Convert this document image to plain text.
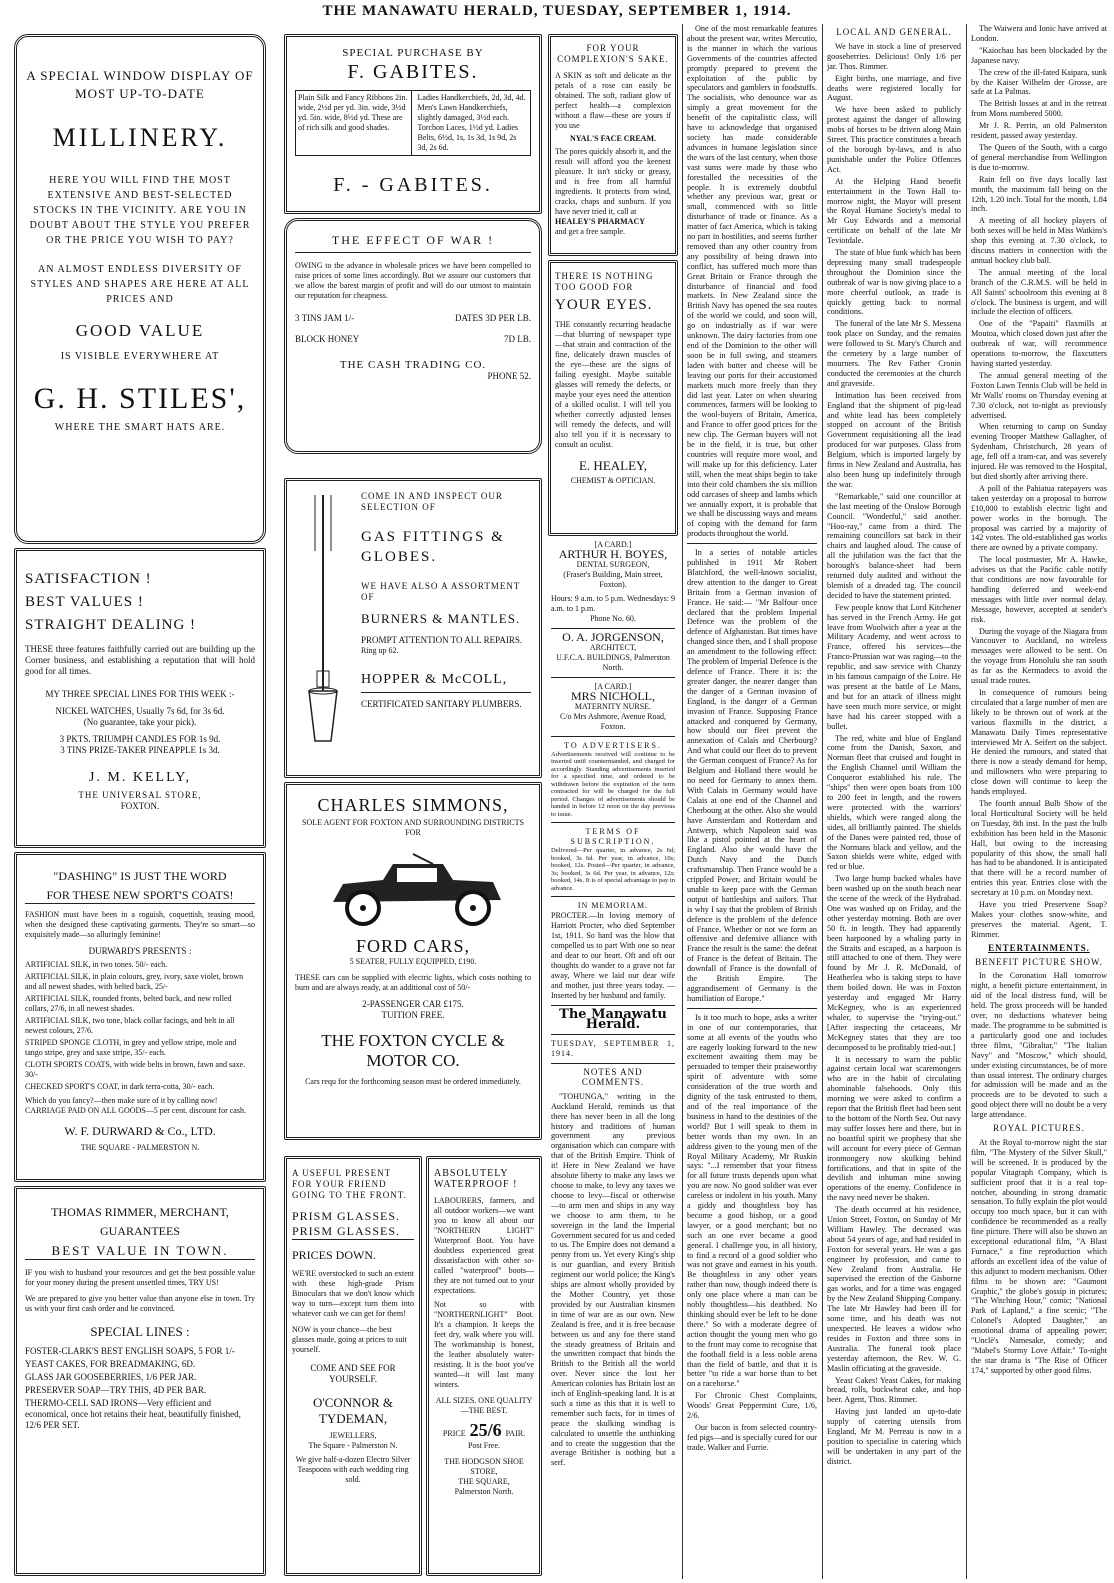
THE MANAWATU HERALD, TUESDAY, SEPTEMBER 1, 1914.
A SPECIAL WINDOW DISPLAY OF MOST UP-TO-DATE
MILLINERY.
HERE YOU WILL FIND THE MOST EXTENSIVE AND BEST-SELECTED STOCKS IN THE VICINITY. ARE YOU IN DOUBT ABOUT THE STYLE YOU PREFER OR THE PRICE YOU WISH TO PAY?
AN ALMOST ENDLESS DIVERSITY OF STYLES AND SHAPES ARE HERE AT ALL PRICES AND
GOOD VALUE
IS VISIBLE EVERYWHERE AT
G. H. STILES',
WHERE THE SMART HATS ARE.
SATISFACTION !
BEST VALUES !
STRAIGHT DEALING !
THESE three features faithfully carried out are building up the Corner business, and establishing a reputation that will hold good for all times.
MY THREE SPECIAL LINES FOR THIS WEEK :-
NICKEL WATCHES, Usually 7s 6d, for 3s 6d.
(No guarantee, take your pick).
3 PKTS. TRIUMPH CANDLES FOR 1s 9d.
3 TINS PRIZE-TAKER PINEAPPLE 1s 3d.
J. M. KELLY,
THE UNIVERSAL STORE,
FOXTON.
"DASHING" IS JUST THE WORD
FOR THESE NEW SPORT'S COATS!
FASHION must have been in a roguish, coquettish, teasing mood, when she designed these captivating garments. They're so smart—so exquisitely made—so alluringly feminine!
DURWARD'S PRESENTS :
ARTIFICIAL SILK, in two tones. 50/- each.
ARTIFICIAL SILK, in plain colours, grey, ivory, saxe violet, brown and all newest shades, with belted back, 25/-
ARTIFICIAL SILK, rounded fronts, belted back, and new rolled collars, 27/6, in all newest shades.
ARTIFICIAL SILK, two tone, black collar facings, and belt in all newest colours, 27/6.
STRIPED SPONGE CLOTH, in grey and yellow stripe, mole and tango stripe, grey and saxe stripe, 35/- each.
CLOTH SPORTS COATS, with wide belts in brown, fawn and saxe. 30/-
CHECKED SPORT'S COAT, in dark terra-cotta, 30/- each.
Which do you fancy?—then make sure of it by calling now! CARRIAGE PAID ON ALL GOODS—5 per cent. discount for cash.
W. F. DURWARD & Co., LTD.
THE SQUARE - PALMERSTON N.
THOMAS RIMMER, MERCHANT,
GUARANTEES
BEST VALUE IN TOWN.
IF you wish to husband your resources and get the best possible value for your money during the present unsettled times, TRY US!
We are prepared to give you better value than anyone else in town. Try us with your first cash order and be convinced.
SPECIAL LINES :
FOSTER-CLARK'S BEST ENGLISH SOAPS, 5 FOR 1/-
YEAST CAKES, FOR BREADMAKING, 6D.
GLASS JAR GOOSEBERRIES, 1/6 PER JAR.
PRESERVER SOAP—TRY THIS, 4D PER BAR.
THERMO-CELL SAD IRONS—Very efficient and economical, once hot retains their heat, beautifully finished, 12/6 PER SET.
SPECIAL PURCHASE BY
F. GABITES.
Plain Silk and Fancy Ribbons 2in. wide, 2½d per yd. 3in. wide, 3½d yd. 5in. wide, 8½d yd. These are of rich silk and good shades.
Ladies Handkerchiefs, 2d, 3d, 4d. Men's Lawn Handkerchiefs, slightly damaged, 3½d each. Torchon Laces, 1½d yd. Ladies Belts, 6½d, 1s, 1s 3d, 1s 9d, 2s 3d, 2s 6d.
F. - GABITES.
THE EFFECT OF WAR !
OWING to the advance in wholesale prices we have been compelled to raise prices of some lines accordingly. But we assure our customers that we allow the barest margin of profit and will do our utmost to maintain our reputation for cheapness.
3 TINS JAM 1/-	DATES 3D PER LB.
BLOCK HONEY	7D LB.
THE CASH TRADING CO.
PHONE 52.
COME IN AND INSPECT OUR SELECTION OF
GAS FITTINGS & GLOBES.
WE HAVE ALSO A ASSORTMENT OF
BURNERS & MANTLES.
PROMPT ATTENTION TO ALL REPAIRS.
Ring up 62.
HOPPER & McCOLL,
CERTIFICATED SANITARY PLUMBERS.
CHARLES SIMMONS,
SOLE AGENT FOR FOXTON AND SURROUNDING DISTRICTS FOR
FORD CARS,
5 SEATER, FULLY EQUIPPED, £190.
THESE cars can be supplied with electric lights, which costs nothing to burn and are always ready, at an additional cost of 50/-
2-PASSENGER CAR £175.
TUITION FREE.
THE FOXTON CYCLE & MOTOR CO.
Cars requ for the forthcoming season must be ordered immediately.
A USEFUL PRESENT FOR YOUR FRIEND GOING TO THE FRONT.
PRISM GLASSES.
PRISM GLASSES.
PRICES DOWN.
WE'RE overstocked to such an extent with these high-grade Prism Binoculars that we don't know which way to turn—except turn them into whatever cash we can get for them!
NOW is your chance—the best glasses made, going at prices to suit yourself.
COME AND SEE FOR YOURSELF.
O'CONNOR & TYDEMAN,
JEWELLERS,
The Square - Palmerston N.
We give half-a-dozen Electro Silver Teaspoons with each wedding ring sold.
ABSOLUTELY WATERPROOF !
LABOURERS, farmers, and all outdoor workers—we want you to know all about our "NORTHERN LIGHT" Waterproof Boot. You have doubtless experienced great dissatisfaction with other so-called "waterproof" boots—they are not turned out to your expectations.
Not so with "NORTHERNLIGHT" Boot. It's a champion. It keeps the feet dry, walk where you will. The workmanship is honest, the leather absolutely water-resisting. It is the boot you've wanted—it will last many winters.
ALL SIZES. ONE QUALITY—THE BEST.
PRICE 25/6 PAIR.
Post Free.
THE HODGSON SHOE STORE,
THE SQUARE,
Palmerston North.
FOR YOUR COMPLEXION'S SAKE.
A SKIN as soft and delicate as the petals of a rose can easily be obtained. The soft, radiant glow of perfect health—a complexion without a flaw—these are yours if you use
NYAL'S FACE CREAM.
The pores quickly absorb it, and the result will afford you the keenest pleasure. It isn't sticky or greasy, and is free from all harmful ingredients. It protects from wind, cracks, chaps and sunburn. If you have never tried it, call at
HEALEY'S PHARMACY
and get a free sample.
THERE IS NOTHING TOO GOOD FOR
YOUR EYES.
THE constantly recurring headache—that blurring of newspaper type—that strain and contraction of the fine, delicately drawn muscles of the eye—these are the signs of failing eyesight. Maybe suitable glasses will remedy the defects, or maybe your eyes need the attention of a skilled oculist. I will tell you whether correctly adjusted lenses will remedy the defects, and will also tell you if it is necessary to consult an oculist.
E. HEALEY,
CHEMIST & OPTICIAN.
[A CARD.]
ARTHUR H. BOYES,
DENTAL SURGEON,
(Fraser's Building, Main street, Foxton).
Hours: 9 a.m. to 5 p.m. Wednesdays: 9 a.m. to 1 p.m.
Phone No. 60.
O. A. JORGENSON,
ARCHITECT,
U.F.C.A. BUILDINGS, Palmerston North.
[A CARD.]
MRS NICHOLL,
MATERNITY NURSE.
C/o Mrs Ashmore, Avenue Road, Foxton.
TO ADVERTISERS.
Advertisements received will continue to be inserted until countermanded, and charged for accordingly. Standing advertisements inserted for a specified time, and ordered to be withdrawn before the expiration of the term contracted for will be charged for the full period. Changes of advertisements should be handed in before 12 noon on the day previous to issue.
TERMS OF SUBSCRIPTION.
Delivered—Per quarter, in advance, 2s 6d; booked, 3s 6d. Per year, in advance, 10s; booked, 12s. Posted—Per quarter, in advance, 3s; booked, 3s 6d. Per year, in advance, 12s; booked, 14s. It is of special advantage to pay in advance.
IN MEMORIAM.
PROCTER.—In loving memory of Harriott Procter, who died September 1st, 1911. So hard was the blow that compelled us to part With one so near and dear to our heart. Oft and oft our thoughts do wander to a grave not far away, Where we laid our dear wife and mother, just three years today. —Inserted by her husband and family.
The Manawatu Herald.
TUESDAY, SEPTEMBER 1, 1914.
NOTES AND COMMENTS.

"TOHUNGA," writing in the Auckland Herald, reminds us that there has never been in all the long history and traditions of human government any previous organisation which can compare with that of the British Empire. Think of it! Here in New Zealand we have absolute liberty to make any laws we choose to make, to levy any taxes we choose to levy—fiscal or otherwise—to arm men and ships in any way we choose to arm them, to be sovereign in the land the Imperial Government secured for us and ceded to us. The Empire does not demand a penny from us. Yet every King's ship is our guardian, and every British regiment our world police; the King's ships are almost wholly provided by the Mother Country, yet those provided by our Australian kinsmen in time of war are as our own. New Zealand is free, and it is free because between us and any foe there stand the steady greatness of Britain and the unwritten compact that binds the British to the British all the world over. Never since the lost her American colonies has Britain lost an inch of English-speaking land. It is at such a time as this that it is well to remember such facts, for in times of peace the skulking windbag is calculated to unsettle the unthinking and to create the suggestion that the average Britisher is nothing but a serf.

One of the most remarkable features about the present war, writes Mercutio, is the manner in which the various Governments of the countries affected promptly prepared to prevent the exploitation of the public by speculators and gamblers in foodstuffs. The socialists, who denounce war as simply a great movement for the benefit of the capitalistic class, will have to acknowledge that organised society has made considerable advances in humane legislation since the wars of the last century, when those vast sums were made by those who forestalled the necessities of the people. It is extremely doubtful whether any previous war, great or small, commenced with so little disturbance of trade or finance. As a matter of fact America, which is taking no part in hostilities, and seems further removed than any other country from any possibility of being drawn into conflict, has suffered much more than Great Britain or France through the disturbance of financial and food markets. In New Zealand since the British Navy has opened the sea routes of the world we could, and soon will, go on industrially as if war were unknown. The dairy factories from one end of the Dominion to the other will soon be in full swing, and steamers laden with butter and cheese will be leaving our ports for their accustomed markets much more freely than they did last year. Later on when shearing commences, farmers will be looking to the wool-buyers of Britain, America, and France to offer good prices for the new clip. The German buyers will not be in the field, it is true, but other countries will require more wool, and will make up for this deficiency. Later still, when the meat ships begin to take into their cold chambers the six million odd carcases of sheep and lambs which we annually export, it is probable that we shall be discussing ways and means of coping with the demand for farm products throughout the world.

In a series of notable articles published in 1911 Mr Robert Blatchford, the well-known socialist, drew attention to the danger to Great Britain from a German invasion of France. He said:— "Mr Balfour once declared that the problem Imperial Defence was the problem of the defence of Afghanistan. But times have changed since then, and I shall propose an amendment to the following effect: The problem of Imperial Defence is the defence of France. There it is: the greater danger, the nearer danger than the danger of a German invasion of England, is the danger of a German invasion of France. Supposing France attacked and conquered by Germany, how should our fleet prevent the annexation of Calais and Cherbourg? And what could our fleet do to prevent the German conquest of France? As for Belgium and Holland there would be no need for Germany to annex them. With Calais in Germany would have Calais at one end of the Channel and Cherbourg at the other. Also she would have Amsterdam and Rotterdam and Antwerp, which Napoleon said was like a pistol pointed at the heart of England. Also she would have the Dutch Navy and the Dutch craftsmanship. Then France would be a crippled Power, and Britain would be unable to keep pace with the German output of battleships and sailors. That is why I say that the problem of British defence is the problem of the defence of France. Whether or not we form an offensive and defensive alliance with France the result is the same: the defeat of France is the defeat of Britain. The downfall of France is the downfall of the British Empire. The aggrandisement of Germany is the humiliation of Europe."

Is it too much to hope, asks a writer in one of our contemporaries, that some at all events of the youths who are eagerly looking forward to the new excitement awaiting them may be persuaded to temper their praiseworthy spirit of adventure with some consideration of the true worth and dignity of the task entrusted to them, and of the real importance of the business in hand to the destinies of the world? But I will speak to them in better words than my own. In an address given to the young men of the Royal Military Academy, Mr Ruskin says: "...I remember that your fitness for all future trusts depends upon what you are now. No good soldier was ever careless or indolent in his youth. Many a giddy and thoughtless boy has become a good bishop, or a good lawyer, or a good merchant; but no such an one ever became a good general. I challenge you, in all history, to find a record of a good soldier who was not grave and earnest in his youth. Be thoughtless in any other years rather than now, though indeed there is only one place where a man can be nobly thoughtless—his deathbed. No thinking should ever be left to be done there." So with a moderate degree of action thought the young men who go to the front may come to recognise that the football field is a less noble arena than the field of battle, and that it is better "to ride a war horse than to bet on a racehorse."

For Chronic Chest Complaints, Woods' Great Peppermint Cure, 1/6, 2/6.

Our bacon is from selected country-fed pigs—and is specially cured for our trade. Walker and Furrie.

LOCAL AND GENERAL.

We have in stock a line of preserved gooseberries. Delicious! Only 1/6 per jar. Thos. Rimmer.

Eight births, one marriage, and five deaths were registered locally for August.

We have been asked to publicly protest against the danger of allowing mobs of horses to be driven along Main Street. This practice constitutes a breach of the borough by-laws, and is also punishable under the Police Offences Act.

At the Helping Hand benefit entertainment in the Town Hall to-morrow night, the Mayor will present the Royal Humane Society's medal to Mr Guy Edwards and a memorial certificate on behalf of the late Mr Teviotdale.

The state of blue funk which has been depressing many small tradespeople throughout the Dominion since the outbreak of war is now giving place to a more cheerful outlook, as trade is quickly getting back to normal conditions.

The funeral of the late Mr S. Messena took place on Sunday, and the remains were followed to St. Mary's Church and the cemetery by a large number of mourners. The Rev Father Cronin conducted the ceremonies at the church and graveside.

Intimation has been received from England that the shipment of pig-lead and white lead has been completely stopped on account of the British Government requisitioning all the lead produced for war purposes. Glass from Belgium, which is imported largely by firms in New Zealand and Australia, has also been hung up indefinitely through the war.

"Remarkable," said one councillor at the last meeting of the Onslow Borough Council. "Wonderful," said another. "Hoo-ray," came from a third. The remaining councillors sat back in their chairs and laughed aloud. The cause of all the jubilation was the fact that the borough's balance-sheet had been returned duly audited and without the blemish of a dreaded tag. The council decided to have the statement printed.

Few people know that Lord Kitchener has served in the French Army. He got leave from Woolwich after a year at the Military Academy, and went across to France, offered his services—the Franco-Prussian war was raging—to the republic, and saw service with Chanzy in his famous campaign of the Loire. He was present at the battle of Le Mans, and but for an attack of illness might have seen much more service, or might have had his career stopped with a bullet.

The red, white and blue of England come from the Danish, Saxon, and Norman fleet that cruised and fought in the English Channel until William the Conqueror established his rule. The "ships" then were open boats from 100 to 200 feet in length, and the rowers were protected with the warriors' shields, which were ranged along the sides, all brilliantly painted. The shields of the Danes were painted red, those of the Normans black and yellow, and the Saxon shields were white, edged with red or blue.

Two large hump backed whales have been washed up on the south beach near the scene of the wreck of the Hydrabad. One was washed up on Friday, and the other yesterday morning. Both are over 50 ft. in length. They had apparently been harpooned by a whaling party in the Straits and escaped, as a harpoon is still attached to one of them. They were found by Mr J. R. McDonald, of Heatherlea who is taking steps to have them boiled down. He was in Foxton yesterday and engaged Mr Harry McKegney, who is an experienced whaler, to supervise the "trying-out." [After inspecting the cetaceans, Mr McKegney states that they are too decomposed to be profitably tried-out.]

It is necessary to warn the public against certain local war scaremongers who are in the habit of circulating abominable falsehoods. Only this morning we were asked to confirm a report that the British fleet had been sent to the bottom of the North Sea. Out navy may suffer losses here and there, but in no boastful spirit we prophesy that she will account for every piece of German ironmongery now skulking behind fortifications, and that in spite of the devilish and inhuman mine sowing operations of the enemy. Confidence in the navy need never be shaken.

The death occurred at his residence, Union Street, Foxton, on Sunday of Mr William Hawley. The deceased was about 54 years of age, and had resided in Foxton for several years. He was a gas engineer by profession, and came to New Zealand from Australia. He supervised the erection of the Gisborne gas works, and for a time was engaged by the New Zealand Shipping Company. The late Mr Hawley had been ill for some time, and his death was not unexpected. He leaves a widow who resides in Foxton and three sons in Australia. The funeral took place yesterday afternoon, the Rev. W. G. Maslin officiating at the graveside.

Yeast Cakes! Yeast Cakes, for making bread, rolls, buckwheat cake, and hop beer. Agent, Thos. Rimmer.

Having just landed an up-to-date supply of catering utensils from England, Mr M. Perreau is now in a position to specialise in catering which will be undertaken in any part of the district.

The Waiwera and Ionic have arrived at London.

"Kaiochau has been blockaded by the Japanese navy.

The crew of the ill-fated Kaipara, sunk by the Kaiser Wilhelm der Grosse, are safe at La Palmas.

The British losses at and in the retreat from Mons numbered 5000.

Mr J. R. Perrin, an old Palmerston resident, passed away yesterday.

The Queen of the South, with a cargo of general merchandise from Wellington is due to-morrow.

Rain fell on five days locally last month, the maximum fall being on the 12th, 1.20 inch. Total for the month, 1.84 inch.

A meeting of all hockey players of both sexes will be held in Miss Watkins's shop this evening at 7.30 o'clock, to discuss matters in connection with the annual hockey club ball.

The annual meeting of the local branch of the C.R.M.S. will be held in All Saints' schoolroom this evening at 8 o'clock. The business is urgent, and will include the election of officers.

One of the "Papaiti" flaxmills at Moutoa, which closed down just after the outbreak of war, will recommence operations to-morrow, the flaxcutters having started yesterday.

The annual general meeting of the Foxton Lawn Tennis Club will be held in Mr Walls' rooms on Thursday evening at 7.30 o'clock, not to-night as previously advertised.

When returning to camp on Sunday evening Trooper Matthew Gallagher, of Sydenham, Christchurch, 28 years of age, fell off a tram-car, and was severely injured. He was removed to the Hospital, but died shortly after arriving there.

A poll of the Pahiatua ratepayers was taken yesterday on a proposal to borrow £10,000 to establish electric light and power works in the borough. The proposal was carried by a majority of 142 votes. The old-established gas works there are owned by a private company.

The local postmaster, Mr A. Hawke, advises us that the Pacific cable notify that conditions are now favourable for handling deferred and week-end messages with little over normal delay. Message, however, accepted at sender's risk.

During the voyage of the Niagara from Vancouver to Auckland, no wireless messages were allowed to be sent. On the voyage from Honolulu she ran south as far as the Kermadecs to avoid the usual trade routes.

In consequence of rumours being circulated that a large number of men are likely to be thrown out of work at the various flaxmills in the district, a Manawatu Daily Times representative interviewed Mr A. Seifert on the subject. He denied the rumours, and stated that there is now a steady demand for hemp, and millowners who were preparing to close down will continue to keep the hands employed.

The fourth annual Bulb Show of the local Horticultural Society will be held on Tuesday, 8th inst. In the past the bulb exhibition has been held in the Masonic Hall, but owing to the increasing popularity of this show, the small hall has had to be abandoned. It is anticipated that there will be a record number of entries this year. Entries close with the secretary at 10 p.m. on Monday next.

Have you tried Preservene Soap? Makes your clothes snow-white, and preserves the material. Agent, T. Rimmer.

ENTERTAINMENTS.
BENEFIT PICTURE SHOW.

In the Coronation Hall tomorrow night, a benefit picture entertainment, in aid of the local distress fund, will be held. The gross proceeds will be handed over, no deductions whatever being made. The programme to be submitted is a particularly good one and includes three films, "Gibraltar," "The Italian Navy" and "Moscow," which should, under existing circumstances, be of more than usual interest. The ordinary charges for admission will be made and as the proceeds are to be devoted to such a good object there will no doubt be a very large attendance.

ROYAL PICTURES.

At the Royal to-morrow night the star film, "The Mystery of the Silver Skull," will be screened. It is produced by the popular Vitagraph Company, which is sufficient proof that it is a real top-notcher, abounding in strong dramatic sensation. To fully explain the plot would occupy too much space, but it can with confidence be recommended as a really fine picture. There will also be shown an exceptional educational film, "A Blast Furnace," a fine reproduction which affords an excellent idea of the value of this adjunct to modern mechanism. Other films to be shown are: "Gaumont Graphic," the globe's gossip in pictures; "The Witching Hour," comic; "National Park of Lapland," a fine scenic; "The Colonel's Adopted Daughter," an emotional drama of appealing power; "Unclè's Namesake, comedy; and "Mabel's Stormy Love Affair." To-night the star drama is "The Rise of Officer 174," supported by other good films.
